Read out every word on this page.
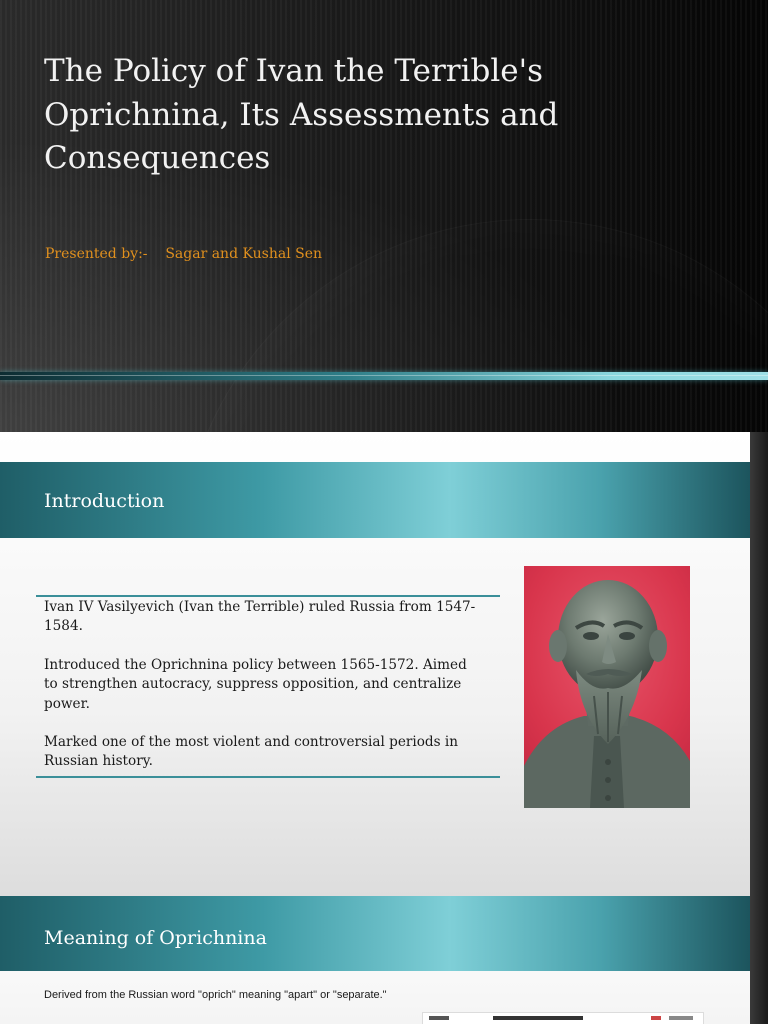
The Policy of Ivan the Terrible's Oprichnina, Its Assessments and Consequences
Presented by:-    Sagar and Kushal Sen
Introduction

Ivan IV Vasilyevich (Ivan the Terrible) ruled Russia from 1547-1584.

Introduced the Oprichnina policy between 1565-1572. Aimed to strengthen autocracy, suppress opposition, and centralize power.

Marked one of the most violent and controversial periods in Russian history.

Meaning of Oprichnina
Derived from the Russian word "oprich" meaning "apart" or "separate."
